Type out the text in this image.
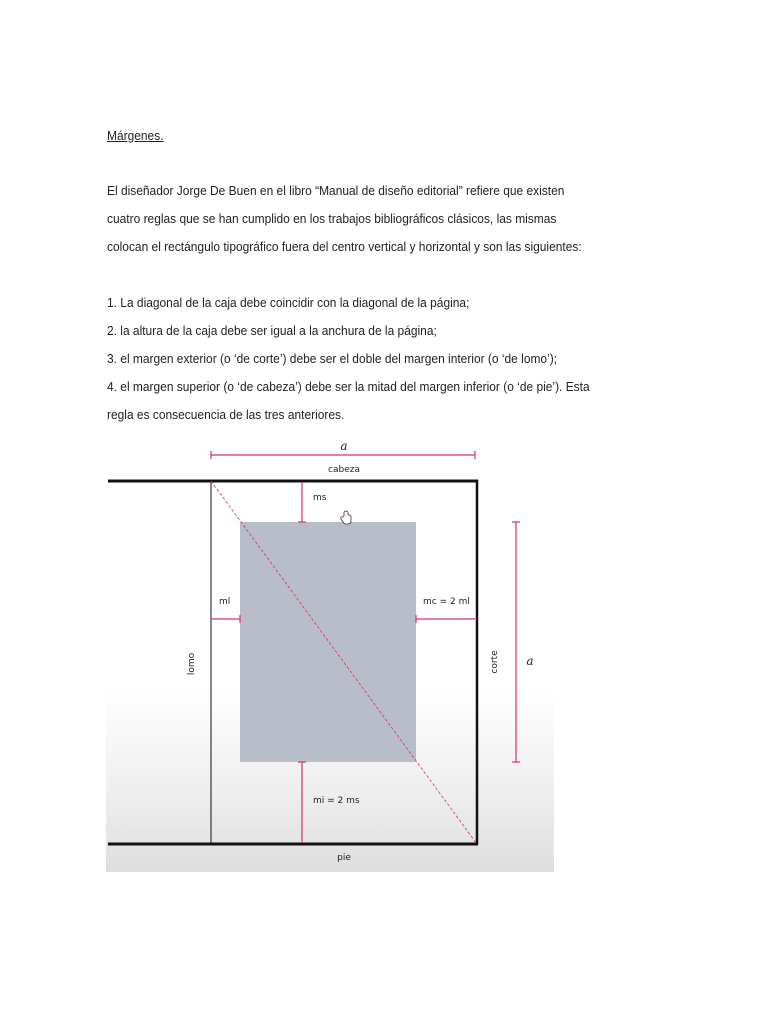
Márgenes.
El diseñador Jorge De Buen en el libro “Manual de diseño editorial” refiere que existen
cuatro reglas que se han cumplido en los trabajos bibliográficos clásicos, las mismas
colocan el rectángulo tipográfico fuera del centro vertical y horizontal y son las siguientes:
1. La diagonal de la caja debe coincidir con la diagonal de la página;
2. la altura de la caja debe ser igual a la anchura de la página;
3. el margen exterior (o ‘de corte’) debe ser el doble del margen interior (o ‘de lomo’);
4. el margen superior (o ‘de cabeza’) debe ser la mitad del margen inferior (o ‘de pie’). Esta
regla es consecuencia de las tres anteriores.
a
cabeza
ms
ml	mc = 2 ml
lomo	corte a
mi = 2 ms
pie
